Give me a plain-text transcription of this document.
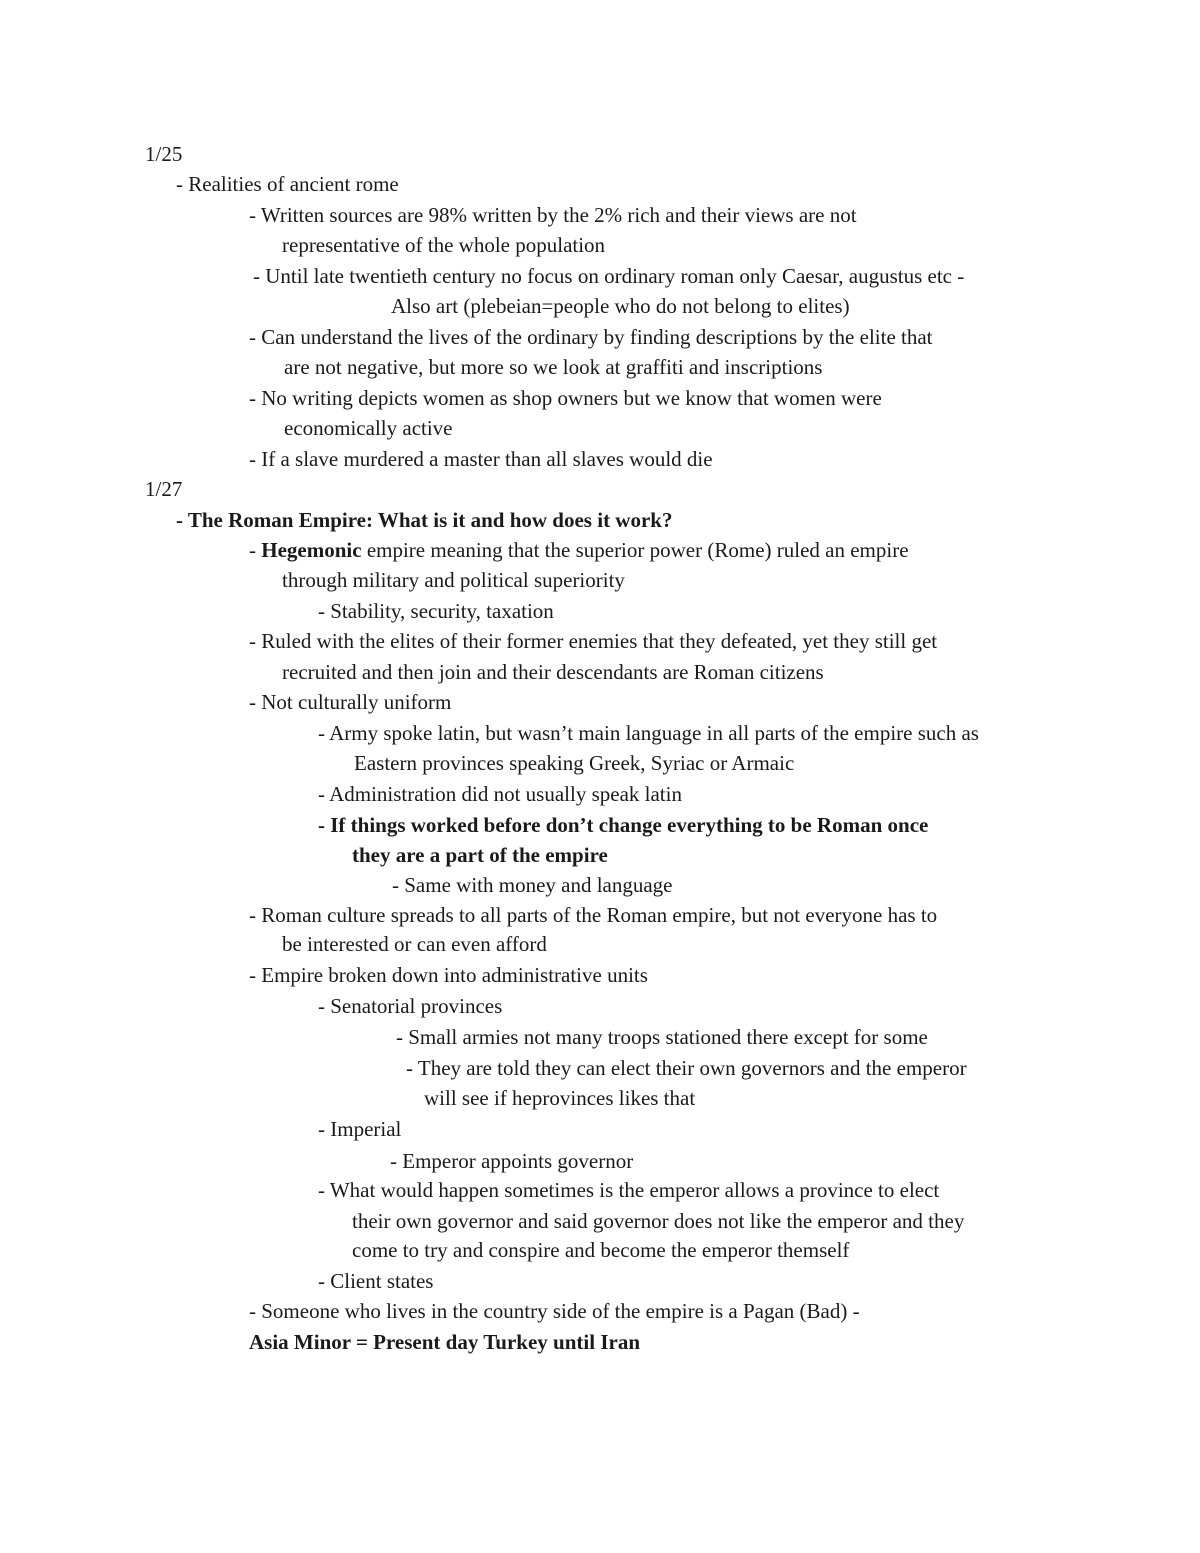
1/25
- Realities of ancient rome
- Written sources are 98% written by the 2% rich and their views are not
representative of the whole population
- Until late twentieth century no focus on ordinary roman only Caesar, augustus etc -
Also art (plebeian=people who do not belong to elites)
- Can understand the lives of the ordinary by finding descriptions by the elite that
are not negative, but more so we look at graffiti and inscriptions
- No writing depicts women as shop owners but we know that women were
economically active
- If a slave murdered a master than all slaves would die
1/27
- The Roman Empire: What is it and how does it work?
- Hegemonic empire meaning that the superior power (Rome) ruled an empire
through military and political superiority
- Stability, security, taxation
- Ruled with the elites of their former enemies that they defeated, yet they still get
recruited and then join and their descendants are Roman citizens
- Not culturally uniform
- Army spoke latin, but wasn’t main language in all parts of the empire such as
Eastern provinces speaking Greek, Syriac or Armaic
- Administration did not usually speak latin
- If things worked before don’t change everything to be Roman once
they are a part of the empire
- Same with money and language
- Roman culture spreads to all parts of the Roman empire, but not everyone has to
be interested or can even afford
- Empire broken down into administrative units
- Senatorial provinces
- Small armies not many troops stationed there except for some
- They are told they can elect their own governors and the emperor
will see if heprovinces likes that
- Imperial
- Emperor appoints governor
- What would happen sometimes is the emperor allows a province to elect
their own governor and said governor does not like the emperor and they
come to try and conspire and become the emperor themself
- Client states
- Someone who lives in the country side of the empire is a Pagan (Bad) -
Asia Minor = Present day Turkey until Iran
